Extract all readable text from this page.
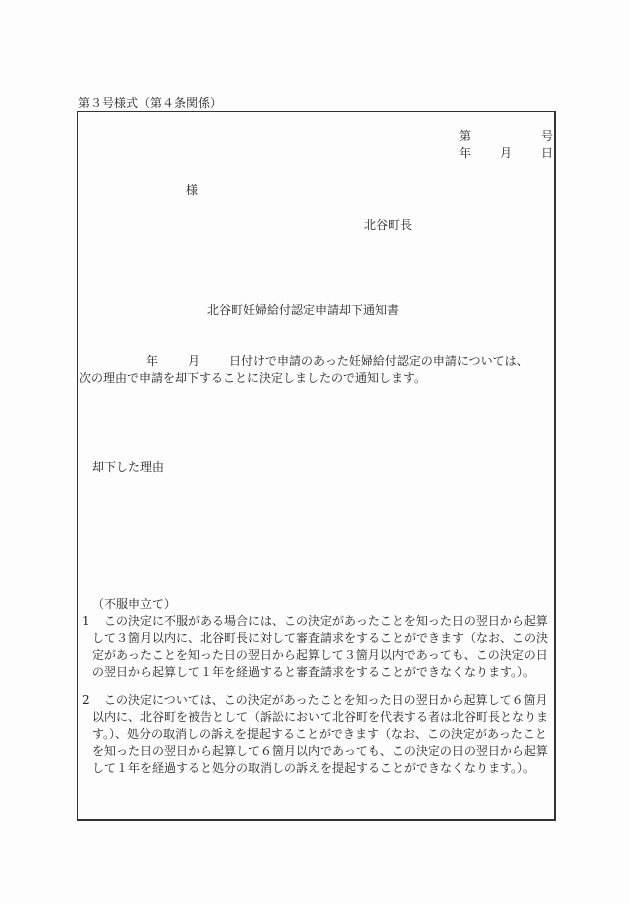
第３号様式（第４条関係）
第	号
年 月 日
様
北谷町長
北谷町妊婦給付認定申請却下通知書
年 月 日付けで申請のあった妊婦給付認定の申請については、
次の理由で申請を却下することに決定しましたので通知します。
却下した理由
（不服申立て）
1 この決定に不服がある場合には、この決定があったことを知った日の翌日から起算
して３箇月以内に、北谷町長に対して審査請求をすることができます（なお、この決
定があったことを知った日の翌日から起算して３箇月以内であっても、この決定の日
の翌日から起算して１年を経過すると審査請求をすることができなくなります。）。
2 この決定については、この決定があったことを知った日の翌日から起算して６箇月
以内に、北谷町を被告として（訴訟において北谷町を代表する者は北谷町長となりま
す。）、処分の取消しの訴えを提起することができます（なお、この決定があったこと
を知った日の翌日から起算して６箇月以内であっても、この決定の日の翌日から起算
して１年を経過すると処分の取消しの訴えを提起することができなくなります。）。
